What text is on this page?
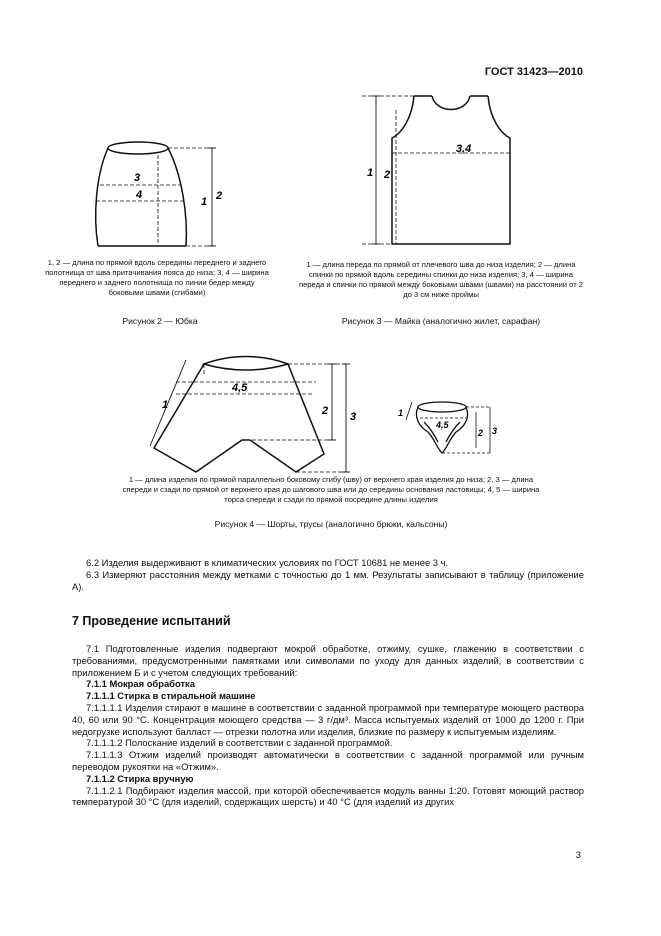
ГОСТ 31423—2010
1 2
3
4
1, 2 — длина по прямой вдоль середины переднего и заднего полотнища от шва притачивания пояса до низа; 3, 4 — ширина переднего и заднего полотнища по линии бедер между боковыми швами (сгибами)
Рисунок 2 — Юбка
1 2
3,4
1 — длина переда по прямой от плечевого шва до низа изделия; 2 — длина спинки по прямой вдоль середины спинки до низа изделия; 3, 4 — ширина переда и спинки по прямой между боковыми швами (швами) на расстоянии от 2 до 3 см ниже проймы
Рисунок 3 — Майка (аналогично жилет, сарафан)
1	2 3
4,5
1
2 3
4,5
1 — длина изделия по прямой параллельно боковому сгибу (шву) от верхнего края изделия до низа; 2, 3 — длина спереди и сзади по прямой от верхнего края до шагового шва или до середины основания ластовицы; 4, 5 — ширина торса спереди и сзади по прямой посредине длины изделия
Рисунок 4 — Шорты, трусы (аналогично брюки, кальсоны)

6.2 Изделия выдерживают в климатических условиях по ГОСТ 10681 не менее 3 ч.

6.3 Измеряют расстояния между метками с точностью до 1 мм. Результаты записывают в таблицу (приложение А).

7 Проведение испытаний

7.1 Подготовленные изделия подвергают мокрой обработке, отжиму, сушке, глажению в соответствии с требованиями, предусмотренными памятками или символами по уходу для данных изделий, в соответствии с приложением Б и с учетом следующих требований:

7.1.1 Мокрая обработка

7.1.1.1 Стирка в стиральной машине

7.1.1.1.1 Изделия стирают в машине в соответствии с заданной программой при температуре моющего раствора 40, 60 или 90 °С. Концентрация моющего средства — 3 г/дм³. Масса испытуемых изделий от 1000 до 1200 г. При недогрузке используют балласт — отрезки полотна или изделия, близкие по размеру к испытуемым изделиям.

7.1.1.1.2 Полоскание изделий в соответствии с заданной программой.

7.1.1.1.3 Отжим изделий производят автоматически в соответствии с заданной программой или ручным переводом рукоятки на «Отжим».

7.1.1.2 Стирка вручную

7.1.1.2.1 Подбирают изделия массой, при которой обеспечивается модуль ванны 1:20. Готовят моющий раствор температурой 30 °С (для изделий, содержащих шерсть) и 40 °С (для изделий из других

3
